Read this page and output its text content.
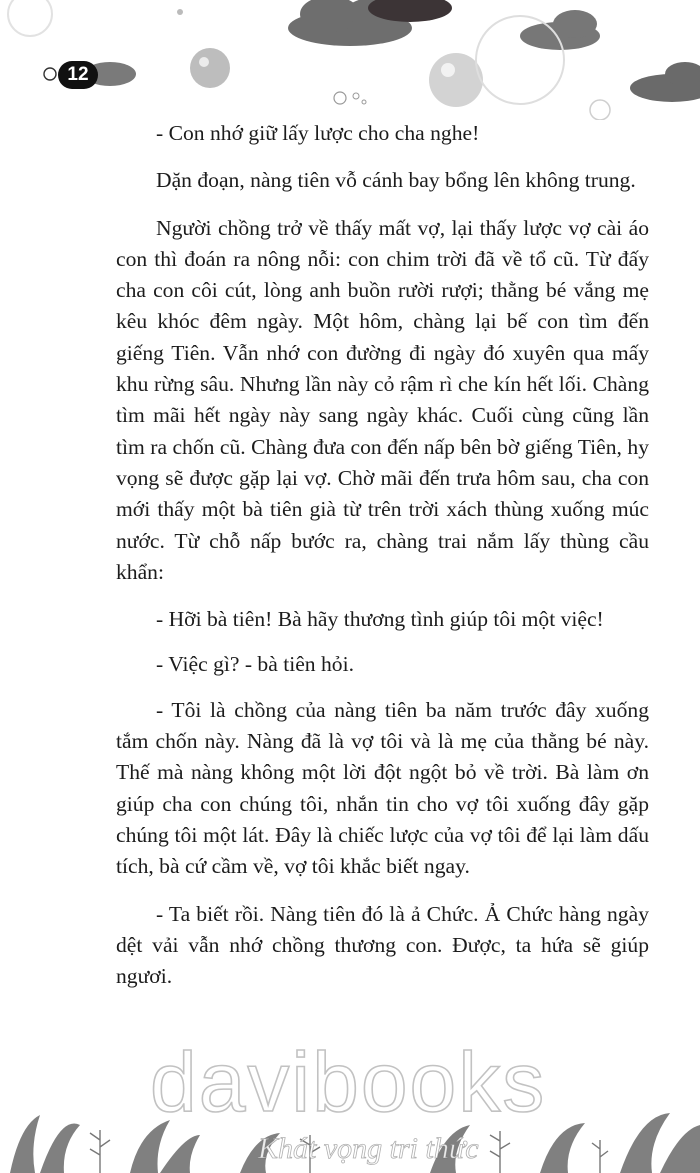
12

- Con nhớ giữ lấy lược cho cha nghe!

Dặn đoạn, nàng tiên vỗ cánh bay bổng lên không trung.

Người chồng trở về thấy mất vợ, lại thấy lược vợ cài áo con thì đoán ra nông nỗi: con chim trời đã về tổ cũ. Từ đấy cha con côi cút, lòng anh buồn rười rượi; thằng bé vắng mẹ kêu khóc đêm ngày. Một hôm, chàng lại bế con tìm đến giếng Tiên. Vẫn nhớ con đường đi ngày đó xuyên qua mấy khu rừng sâu. Nhưng lần này cỏ rậm rì che kín hết lối. Chàng tìm mãi hết ngày này sang ngày khác. Cuối cùng cũng lần tìm ra chốn cũ. Chàng đưa con đến nấp bên bờ giếng Tiên, hy vọng sẽ được gặp lại vợ. Chờ mãi đến trưa hôm sau, cha con mới thấy một bà tiên già từ trên trời xách thùng xuống múc nước. Từ chỗ nấp bước ra, chàng trai nắm lấy thùng cầu khẩn:

- Hỡi bà tiên! Bà hãy thương tình giúp tôi một việc!

- Việc gì? - bà tiên hỏi.

- Tôi là chồng của nàng tiên ba năm trước đây xuống tắm chốn này. Nàng đã là vợ tôi và là mẹ của thằng bé này. Thế mà nàng không một lời đột ngột bỏ về trời. Bà làm ơn giúp cha con chúng tôi, nhắn tin cho vợ tôi xuống đây gặp chúng tôi một lát. Đây là chiếc lược của vợ tôi để lại làm dấu tích, bà cứ cầm về, vợ tôi khắc biết ngay.

- Ta biết rồi. Nàng tiên đó là ả Chức. Ả Chức hàng ngày dệt vải vẫn nhớ chồng thương con. Được, ta hứa sẽ giúp ngươi.

davibooks
Khát vọng tri thức
